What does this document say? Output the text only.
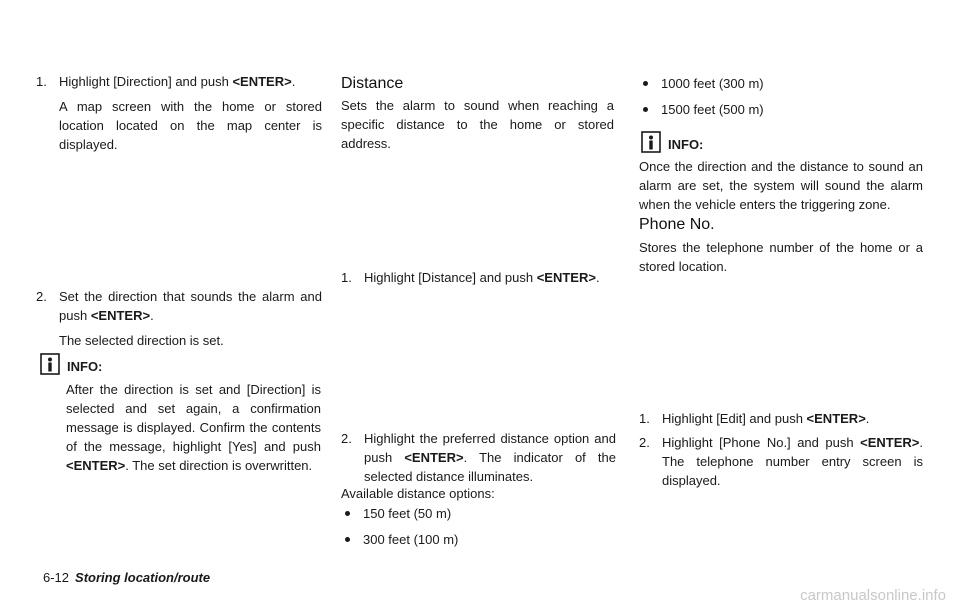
1. Highlight [Direction] and push <ENTER>.
A map screen with the home or stored location located on the map center is displayed.
2. Set the direction that sounds the alarm and push <ENTER>.
The selected direction is set.
INFO:
After the direction is set and [Direction] is selected and set again, a confirmation message is displayed. Confirm the contents of the message, highlight [Yes] and push <ENTER>. The set direction is overwritten.
Distance
Sets the alarm to sound when reaching a specific distance to the home or stored address.
1. Highlight [Distance] and push <ENTER>.
2. Highlight the preferred distance option and push <ENTER>. The indicator of the selected distance illuminates.
Available distance options:
150 feet (50 m)
300 feet (100 m)
1000 feet (300 m)
1500 feet (500 m)
INFO:
Once the direction and the distance to sound an alarm are set, the system will sound the alarm when the vehicle enters the triggering zone.
Phone No.
Stores the telephone number of the home or a stored location.
1. Highlight [Edit] and push <ENTER>.
2. Highlight [Phone No.] and push <ENTER>. The telephone number entry screen is displayed.
6-12 Storing location/route
carmanualsonline.info
